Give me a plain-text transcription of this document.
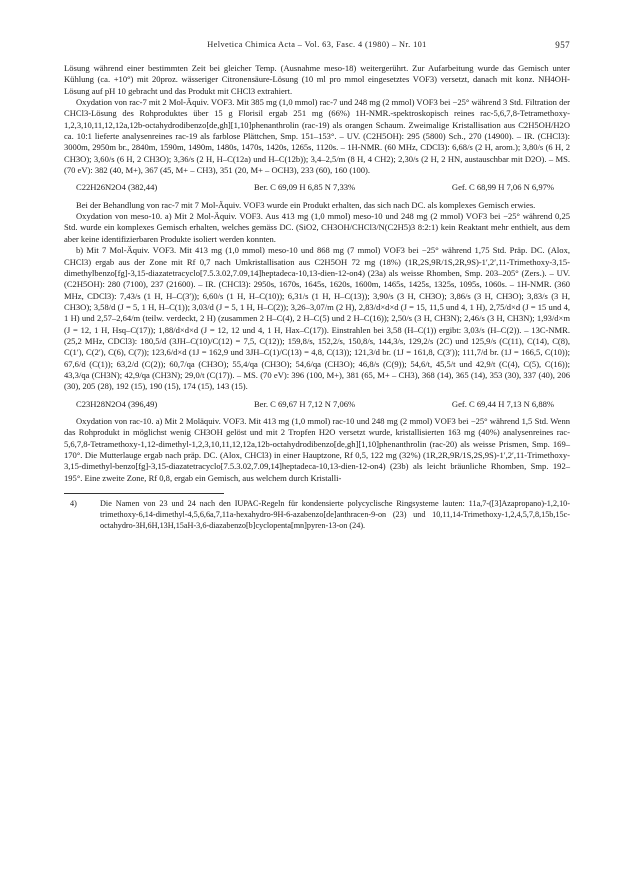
Helvetica Chimica Acta – Vol. 63, Fasc. 4 (1980) – Nr. 101	957

Lösung während einer bestimmten Zeit bei gleicher Temp. (Ausnahme meso-18) weitergerührt. Zur Aufarbeitung wurde das Gemisch unter Kühlung (ca. +10°) mit 20proz. wässeriger Citronensäure-Lösung (10 ml pro mmol eingesetztes VOF3) versetzt, danach mit konz. NH4OH-Lösung auf pH 10 gebracht und das Produkt mit CHCl3 extrahiert.

Oxydation von rac-7 mit 2 Mol-Äquiv. VOF3. Mit 385 mg (1,0 mmol) rac-7 und 248 mg (2 mmol) VOF3 bei −25° während 3 Std. Filtration der CHCl3-Lösung des Rohproduktes über 15 g Florisil ergab 251 mg (66%) 1H-NMR.-spektroskopisch reines rac-5,6,7,8-Tetramethoxy-1,2,3,10,11,12,12a,12b-octahydrodibenzo[de,gh][1,10]phenanthrolin (rac-19) als orangen Schaum. Zweimalige Kristallisation aus C2H5OH/H2O ca. 10:1 lieferte analysenreines rac-19 als farblose Plättchen, Smp. 151–153°. – UV. (C2H5OH): 295 (5800) Sch., 270 (14900). – IR. (CHCl3): 3000m, 2950m br., 2840m, 1590m, 1490m, 1480s, 1470s, 1420s, 1265s, 1120s. – 1H-NMR. (60 MHz, CDCl3): 6,68/s (2 H, arom.); 3,80/s (6 H, 2 CH3O); 3,60/s (6 H, 2 CH3O); 3,36/s (2 H, H–C(12a) und H–C(12b)); 3,4–2,5/m (8 H, 4 CH2); 2,30/s (2 H, 2 HN, austauschbar mit D2O). – MS. (70 eV): 382 (40, M+), 367 (45, M+ – CH3), 351 (20, M+ – OCH3), 233 (60), 160 (100).

C22H26N2O4 (382,44)	Ber. C 69,09 H 6,85 N 7,33%	Gef. C 68,99 H 7,06 N 6,97%

Bei der Behandlung von rac-7 mit 7 Mol-Äquiv. VOF3 wurde ein Produkt erhalten, das sich nach DC. als komplexes Gemisch erwies.

Oxydation von meso-10. a) Mit 2 Mol-Äquiv. VOF3. Aus 413 mg (1,0 mmol) meso-10 und 248 mg (2 mmol) VOF3 bei −25° während 0,25 Std. wurde ein komplexes Gemisch erhalten, welches gemäss DC. (SiO2, CH3OH/CHCl3/N(C2H5)3 8:2:1) kein Reaktant mehr enthielt, aus dem aber keine identifizierbaren Produkte isoliert werden konnten.

b) Mit 7 Mol-Äquiv. VOF3. Mit 413 mg (1,0 mmol) meso-10 und 868 mg (7 mmol) VOF3 bei −25° während 1,75 Std. Präp. DC. (Alox, CHCl3) ergab aus der Zone mit Rf 0,7 nach Umkristallisation aus C2H5OH 72 mg (18%) (1R,2S,9R/1S,2R,9S)-1′,2′,11-Trimethoxy-3,15-dimethylbenzo[fg]-3,15-diazatetracyclo[7.5.3.02,7.09,14]heptadeca-10,13-dien-12-on4) (23a) als weisse Rhomben, Smp. 203–205° (Zers.). – UV. (C2H5OH): 280 (7100), 237 (21600). – IR. (CHCl3): 2950s, 1670s, 1645s, 1620s, 1600m, 1465s, 1425s, 1325s, 1095s, 1060s. – 1H-NMR. (360 MHz, CDCl3): 7,43/s (1 H, H–C(3′)); 6,60/s (1 H, H–C(10)); 6,31/s (1 H, H–C(13)); 3,90/s (3 H, CH3O); 3,86/s (3 H, CH3O); 3,83/s (3 H, CH3O); 3,58/d (J = 5, 1 H, H–C(1)); 3,03/d (J = 5, 1 H, H–C(2)); 3,26–3,07/m (2 H), 2,83/d×d×d (J = 15, 11,5 und 4, 1 H), 2,75/d×d (J = 15 und 4, 1 H) und 2,57–2,64/m (teilw. verdeckt, 2 H) (zusammen 2 H–C(4), 2 H–C(5) und 2 H–C(16)); 2,50/s (3 H, CH3N); 2,46/s (3 H, CH3N); 1,93/d×m (J = 12, 1 H, Hsq–C(17)); 1,88/d×d×d (J = 12, 12 und 4, 1 H, Hax–C(17)). Einstrahlen bei 3,58 (H–C(1)) ergibt: 3,03/s (H–C(2)). – 13C-NMR. (25,2 MHz, CDCl3): 180,5/d (3JH–C(10)/C(12) = 7,5, C(12)); 159,8/s, 152,2/s, 150,8/s, 144,3/s, 129,2/s (2C) und 125,9/s (C(11), C(14), C(8), C(1′), C(2′), C(6), C(7)); 123,6/d×d (1J = 162,9 und 3JH–C(1)/C(13) = 4,8, C(13)); 121,3/d br. (1J = 161,8, C(3′)); 111,7/d br. (1J = 166,5, C(10)); 67,6/d (C(1)); 63,2/d (C(2)); 60,7/qa (CH3O); 55,4/qa (CH3O); 54,6/qa (CH3O); 46,8/s (C(9)); 54,6/t, 45,5/t und 42,9/t (C(4), C(5), C(16)); 43,3/qa (CH3N); 42,9/qa (CH3N); 29,0/t (C(17)). – MS. (70 eV): 396 (100, M+), 381 (65, M+ – CH3), 368 (14), 365 (14), 353 (30), 337 (40), 206 (30), 205 (28), 192 (15), 190 (15), 174 (15), 143 (15).

C23H28N2O4 (396,49)	Ber. C 69,67 H 7,12 N 7,06%	Gef. C 69,44 H 7,13 N 6,88%

Oxydation von rac-10. a) Mit 2 Moläquiv. VOF3. Mit 413 mg (1,0 mmol) rac-10 und 248 mg (2 mmol) VOF3 bei −25° während 1,5 Std. Wenn das Rohprodukt in möglichst wenig CH3OH gelöst und mit 2 Tropfen H2O versetzt wurde, kristallisierten 163 mg (40%) analysenreines rac-5,6,7,8-Tetramethoxy-1,12-dimethyl-1,2,3,10,11,12,12a,12b-octahydrodibenzo[de,gh][1,10]phenanthrolin (rac-20) als weisse Prismen, Smp. 169–170°. Die Mutterlauge ergab nach präp. DC. (Alox, CHCl3) in einer Hauptzone, Rf 0,5, 122 mg (32%) (1R,2R,9R/1S,2S,9S)-1′,2′,11-Trimethoxy-3,15-dimethyl-benzo[fg]-3,15-diazatetracyclo[7.5.3.02,7.09,14]heptadeca-10,13-dien-12-on4) (23b) als leicht bräunliche Rhomben, Smp. 192–195°. Eine zweite Zone, Rf 0,8, ergab ein Gemisch, aus welchem durch Kristalli-

4)	Die Namen von 23 und 24 nach den IUPAC-Regeln für kondensierte polycyclische Ringsysteme lauten: 11a,7-([3]Azapropano)-1,2,10-trimethoxy-6,14-dimethyl-4,5,6,6a,7,11a-hexahydro-9H-6-azabenzo[de]anthracen-9-on (23) und 10,11,14-Trimethoxy-1,2,4,5,7,8,15b,15c-octahydro-3H,6H,13H,15aH-3,6-diazabenzo[b]cyclopenta[mn]pyren-13-on (24).
